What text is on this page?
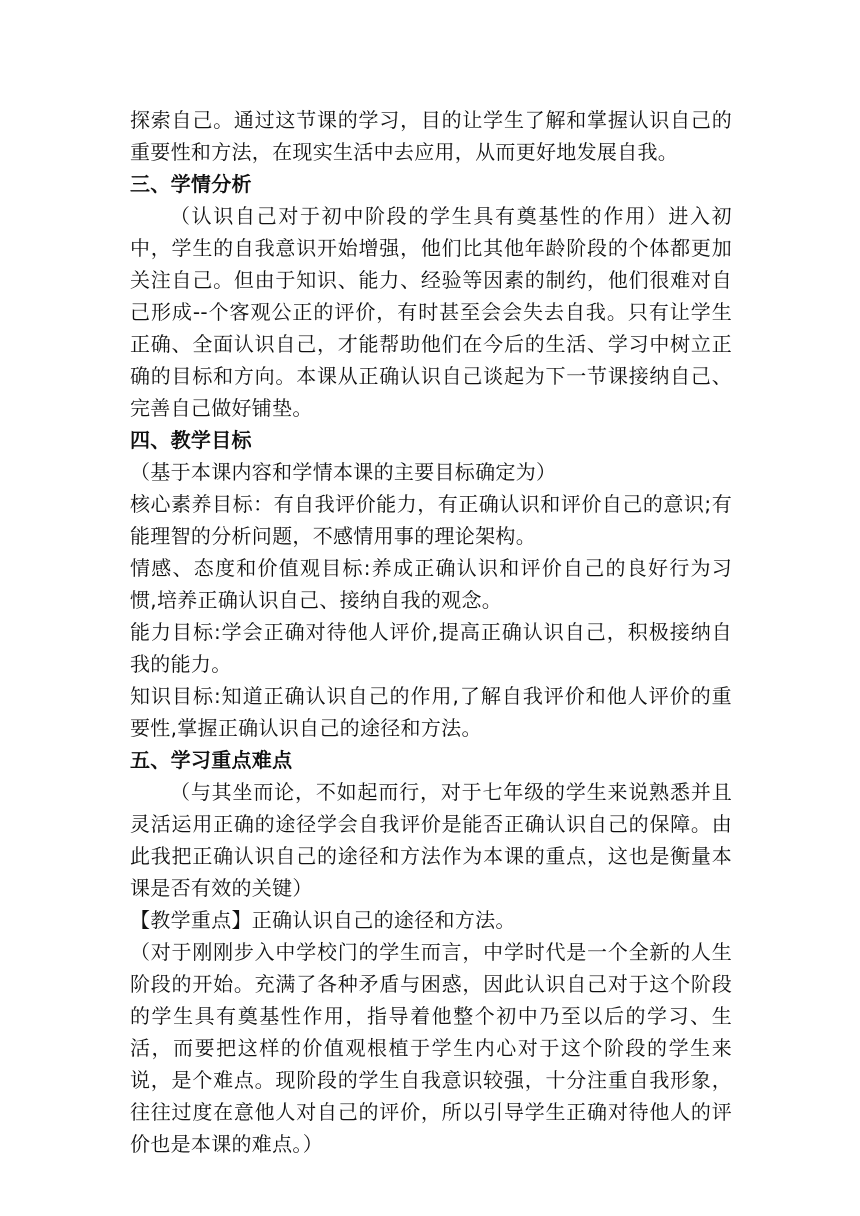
探索自己。通过这节课的学习，目的让学生了解和掌握认识自己的重要性和方法，在现实生活中去应用，从而更好地发展自我。

三、学情分析

（认识自己对于初中阶段的学生具有奠基性的作用）进入初中，学生的自我意识开始增强，他们比其他年龄阶段的个体都更加关注自己。但由于知识、能力、经验等因素的制约，他们很难对自己形成--个客观公正的评价，有时甚至会会失去自我。只有让学生正确、全面认识自己，才能帮助他们在今后的生活、学习中树立正确的目标和方向。本课从正确认识自己谈起为下一节课接纳自己、完善自己做好铺垫。

四、教学目标

（基于本课内容和学情本课的主要目标确定为）

核心素养目标：有自我评价能力，有正确认识和评价自己的意识;有能理智的分析问题，不感情用事的理论架构。

情感、态度和价值观目标:养成正确认识和评价自己的良好行为习惯,培养正确认识自己、接纳自我的观念。

能力目标:学会正确对待他人评价,提高正确认识自己，积极接纳自我的能力。

知识目标:知道正确认识自己的作用,了解自我评价和他人评价的重要性,掌握正确认识自己的途径和方法。

五、学习重点难点

（与其坐而论，不如起而行，对于七年级的学生来说熟悉并且灵活运用正确的途径学会自我评价是能否正确认识自己的保障。由此我把正确认识自己的途径和方法作为本课的重点，这也是衡量本课是否有效的关键）

【教学重点】正确认识自己的途径和方法。

（对于刚刚步入中学校门的学生而言，中学时代是一个全新的人生阶段的开始。充满了各种矛盾与困惑，因此认识自己对于这个阶段的学生具有奠基性作用，指导着他整个初中乃至以后的学习、生活，而要把这样的价值观根植于学生内心对于这个阶段的学生来说，是个难点。现阶段的学生自我意识较强，十分注重自我形象，往往过度在意他人对自己的评价，所以引导学生正确对待他人的评价也是本课的难点。）
